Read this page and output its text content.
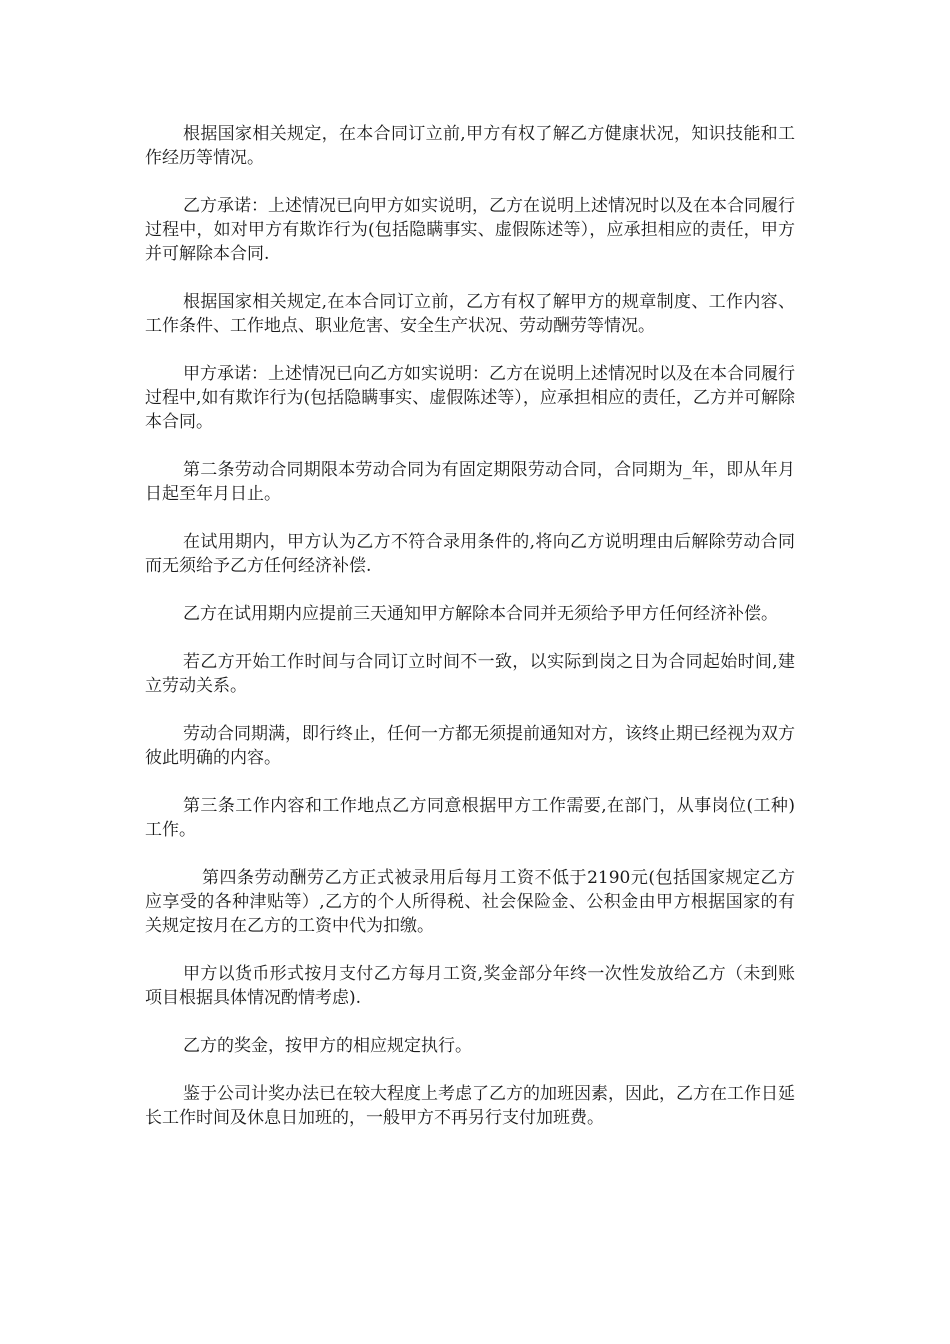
根据国家相关规定，在本合同订立前,甲方有权了解乙方健康状况，知识技能和工作经历等情况。

乙方承诺：上述情况已向甲方如实说明，乙方在说明上述情况时以及在本合同履行过程中，如对甲方有欺诈行为(包括隐瞒事实、虚假陈述等），应承担相应的责任，甲方并可解除本合同.

根据国家相关规定,在本合同订立前，乙方有权了解甲方的规章制度、工作内容、工作条件、工作地点、职业危害、安全生产状况、劳动酬劳等情况。

甲方承诺：上述情况已向乙方如实说明：乙方在说明上述情况时以及在本合同履行过程中,如有欺诈行为(包括隐瞒事实、虚假陈述等），应承担相应的责任，乙方并可解除本合同。

第二条劳动合同期限本劳动合同为有固定期限劳动合同，合同期为_年，即从年月日起至年月日止。

在试用期内，甲方认为乙方不符合录用条件的,将向乙方说明理由后解除劳动合同而无须给予乙方任何经济补偿.

乙方在试用期内应提前三天通知甲方解除本合同并无须给予甲方任何经济补偿。

若乙方开始工作时间与合同订立时间不一致，以实际到岗之日为合同起始时间,建立劳动关系。

劳动合同期满，即行终止，任何一方都无须提前通知对方，该终止期已经视为双方彼此明确的内容。

第三条工作内容和工作地点乙方同意根据甲方工作需要,在部门，从事岗位(工种)工作。

第四条劳动酬劳乙方正式被录用后每月工资不低于2190元(包括国家规定乙方应享受的各种津贴等）,乙方的个人所得税、社会保险金、公积金由甲方根据国家的有关规定按月在乙方的工资中代为扣缴。

甲方以货币形式按月支付乙方每月工资,奖金部分年终一次性发放给乙方（未到账项目根据具体情况酌情考虑).

乙方的奖金，按甲方的相应规定执行。

鉴于公司计奖办法已在较大程度上考虑了乙方的加班因素，因此，乙方在工作日延长工作时间及休息日加班的，一般甲方不再另行支付加班费。
